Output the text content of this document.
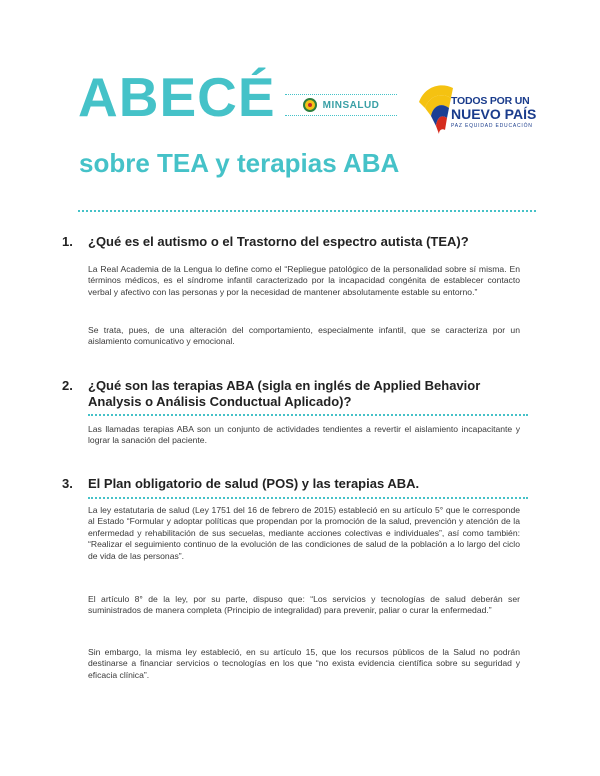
ABECÉ
sobre TEA y terapias ABA
MINSALUD	TODOS POR UN
NUEVO PAÍS
PAZ EQUIDAD EDUCACIÓN
1. ¿Qué es el autismo o el Trastorno del espectro autista (TEA)?
La Real Academia de la Lengua lo define como el “Repliegue patológico de la personalidad sobre sí misma. En términos médicos, es el síndrome infantil caracterizado por la incapacidad congénita de establecer contacto verbal y afectivo con las personas y por la necesidad de mantener absolutamente estable su entorno.”
Se trata, pues, de una alteración del comportamiento, especialmente infantil, que se caracteriza por un aislamiento comunicativo y emocional.
2. ¿Qué son las terapias ABA (sigla en inglés de Applied Behavior Analysis o Análisis Conductual Aplicado)?
Las llamadas terapias ABA son un conjunto de actividades tendientes a revertir el aislamiento incapacitante y lograr la sanación del paciente.
3. El Plan obligatorio de salud (POS) y las terapias ABA.
La ley estatutaria de salud (Ley 1751 del 16 de febrero de 2015) estableció en su artículo 5° que le corresponde al Estado “Formular y adoptar políticas que propendan por la promoción de la salud, prevención y atención de la enfermedad y rehabilitación de sus secuelas, mediante acciones colectivas e individuales”, así como también: “Realizar el seguimiento continuo de la evolución de las condiciones de salud de la población a lo largo del ciclo de vida de las personas”.
El artículo 8° de la ley, por su parte, dispuso que: “Los servicios y tecnologías de salud deberán ser suministrados de manera completa (Principio de integralidad) para prevenir, paliar o curar la enfermedad.”
Sin embargo, la misma ley estableció, en su artículo 15, que los recursos públicos de la Salud no podrán destinarse a financiar servicios o tecnologías en los que “no exista evidencia científica sobre su seguridad y eficacia clínica”.
